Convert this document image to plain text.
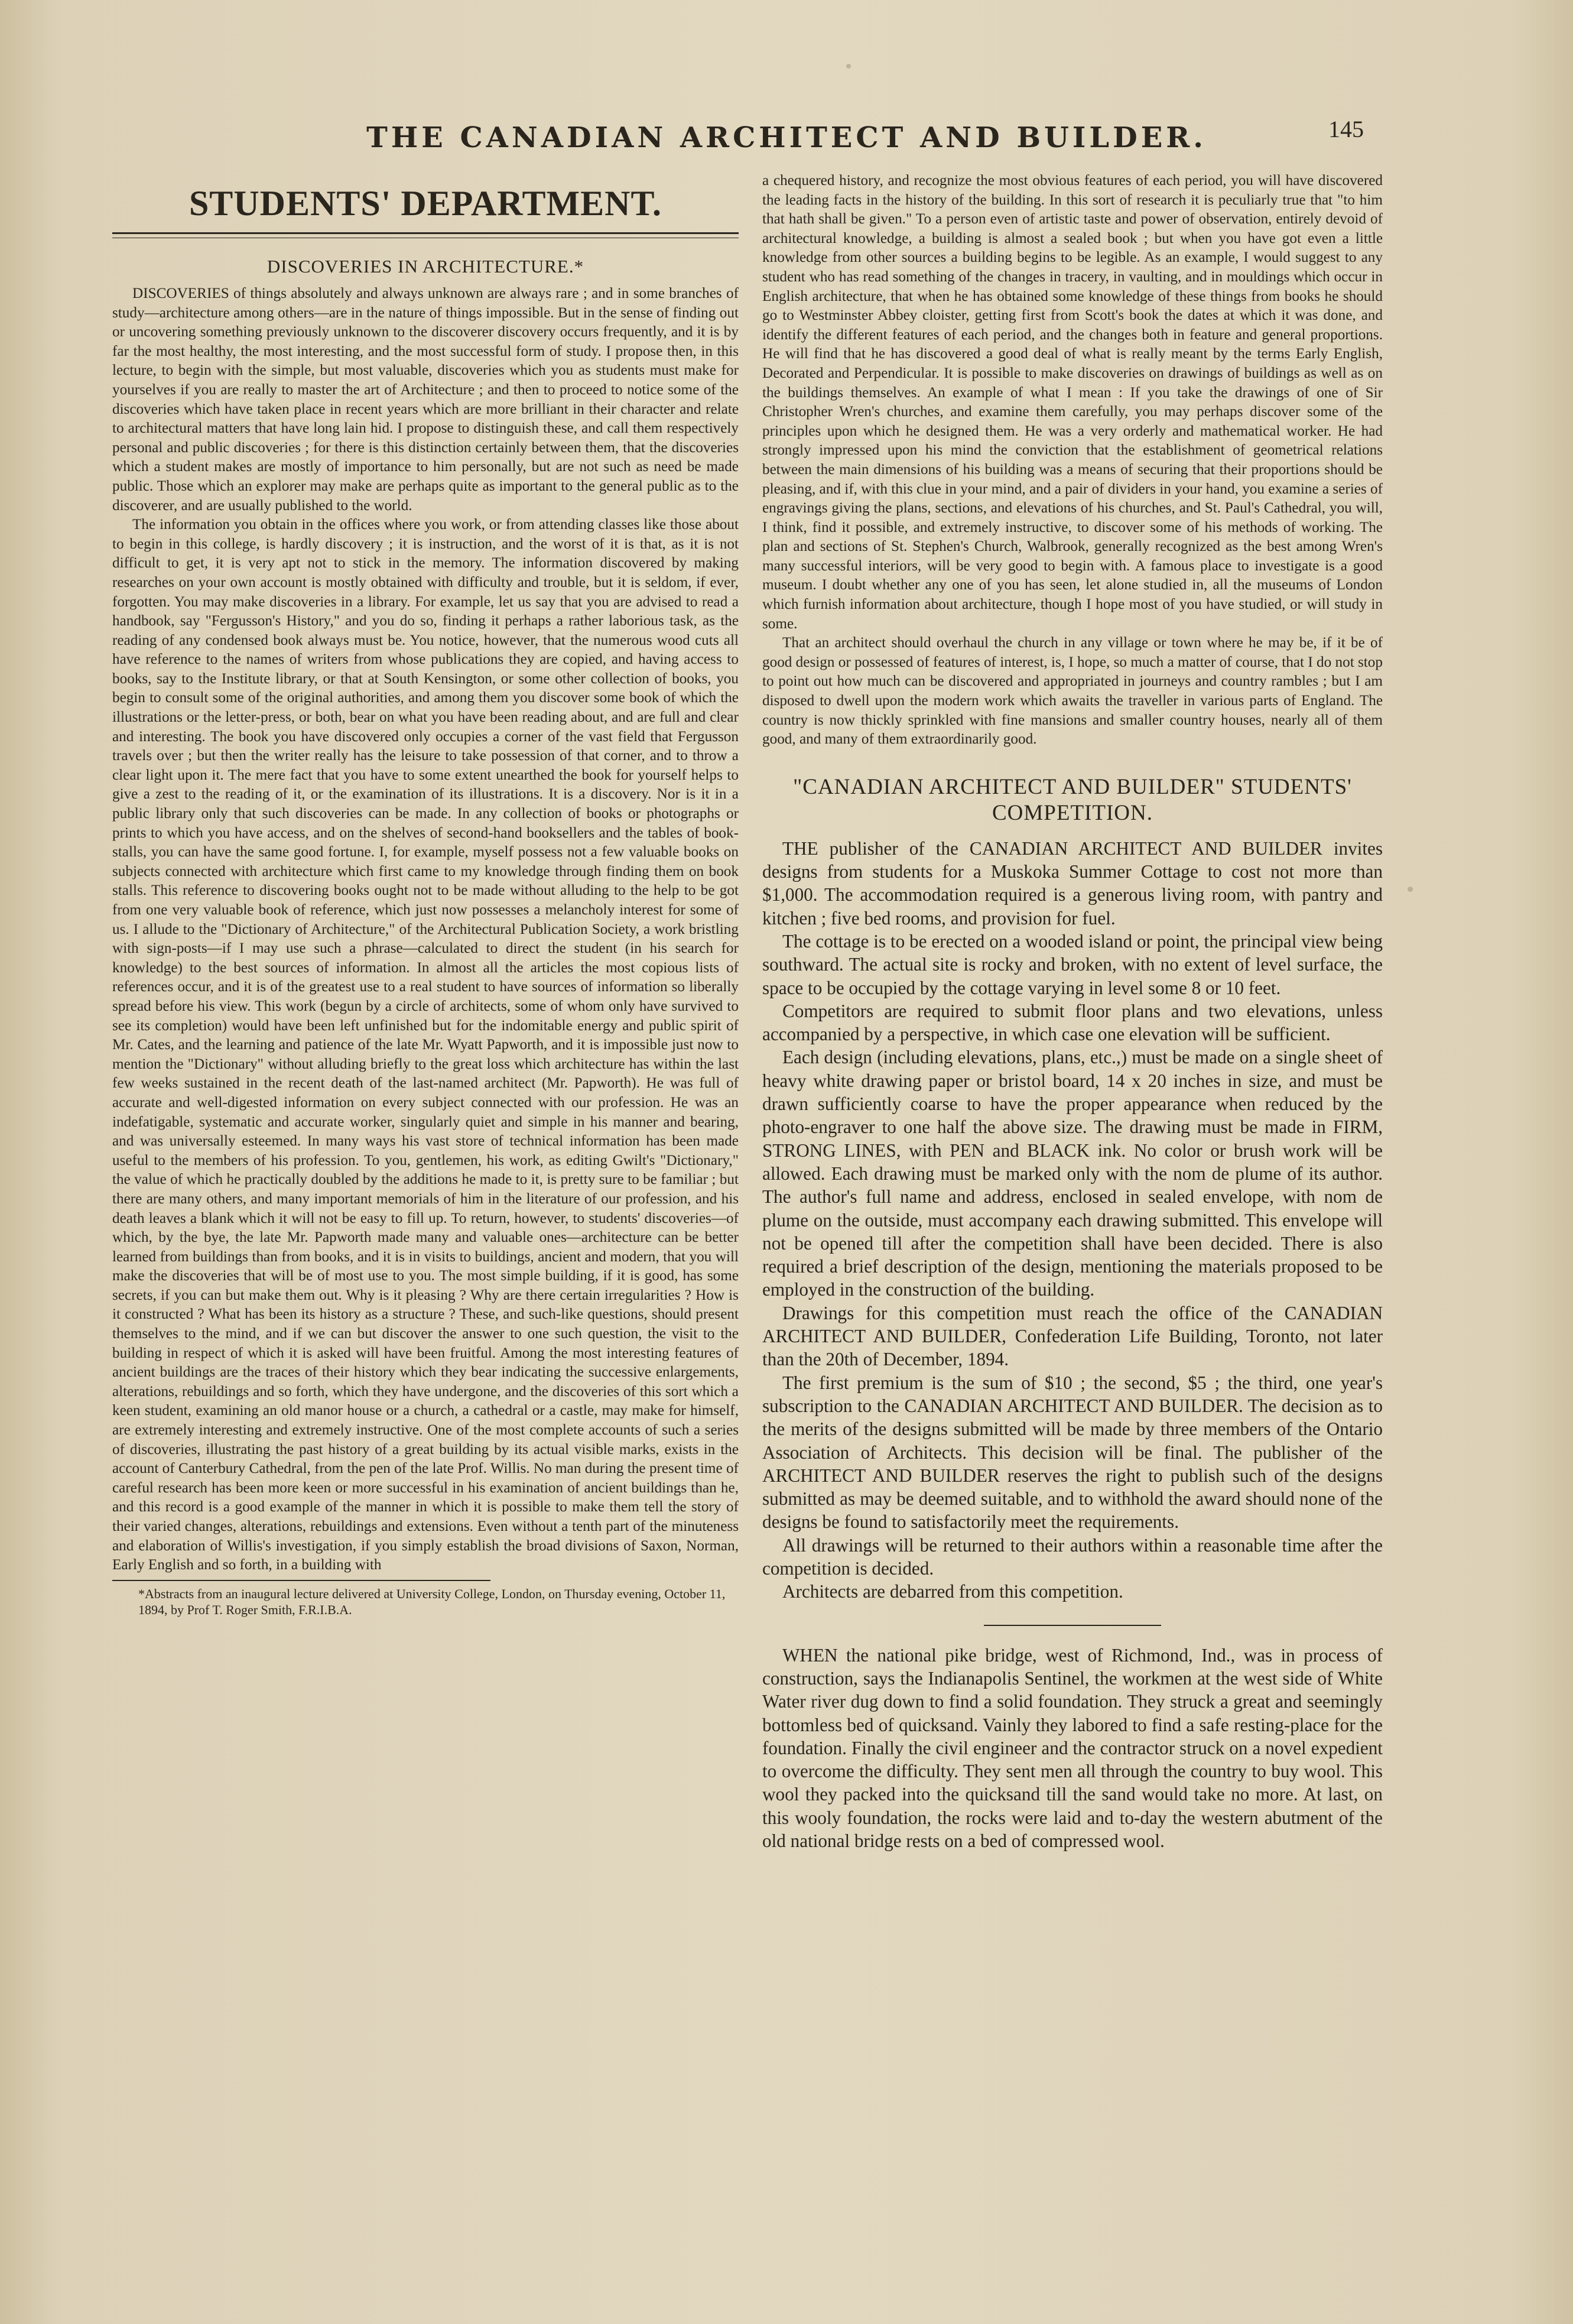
THE CANADIAN ARCHITECT AND BUILDER.	145
STUDENTS' DEPARTMENT.
DISCOVERIES IN ARCHITECTURE.*

DISCOVERIES of things absolutely and always unknown are always rare ; and in some branches of study—architecture among others—are in the nature of things impossible. But in the sense of finding out or uncovering something previously unknown to the discoverer discovery occurs frequently, and it is by far the most healthy, the most interesting, and the most successful form of study. I propose then, in this lecture, to begin with the simple, but most valuable, discoveries which you as students must make for yourselves if you are really to master the art of Architecture ; and then to proceed to notice some of the discoveries which have taken place in recent years which are more brilliant in their character and relate to architectural matters that have long lain hid. I propose to distinguish these, and call them respectively personal and public discoveries ; for there is this distinction certainly between them, that the discoveries which a student makes are mostly of importance to him personally, but are not such as need be made public. Those which an explorer may make are perhaps quite as important to the general public as to the discoverer, and are usually published to the world.

The information you obtain in the offices where you work, or from attending classes like those about to begin in this college, is hardly discovery ; it is instruction, and the worst of it is that, as it is not difficult to get, it is very apt not to stick in the memory. The information discovered by making researches on your own account is mostly obtained with difficulty and trouble, but it is seldom, if ever, forgotten. You may make discoveries in a library. For example, let us say that you are advised to read a handbook, say "Fergusson's History," and you do so, finding it perhaps a rather laborious task, as the reading of any condensed book always must be. You notice, however, that the numerous wood cuts all have reference to the names of writers from whose publications they are copied, and having access to books, say to the Institute library, or that at South Kensington, or some other collection of books, you begin to consult some of the original authorities, and among them you discover some book of which the illustrations or the letter-press, or both, bear on what you have been reading about, and are full and clear and interesting. The book you have discovered only occupies a corner of the vast field that Fergusson travels over ; but then the writer really has the leisure to take possession of that corner, and to throw a clear light upon it. The mere fact that you have to some extent unearthed the book for yourself helps to give a zest to the reading of it, or the examination of its illustrations. It is a discovery. Nor is it in a public library only that such discoveries can be made. In any collection of books or photographs or prints to which you have access, and on the shelves of second-hand booksellers and the tables of book-stalls, you can have the same good fortune. I, for example, myself possess not a few valuable books on subjects connected with architecture which first came to my knowledge through finding them on book stalls. This reference to discovering books ought not to be made without alluding to the help to be got from one very valuable book of reference, which just now possesses a melancholy interest for some of us. I allude to the "Dictionary of Architecture," of the Architectural Publication Society, a work bristling with sign-posts—if I may use such a phrase—calculated to direct the student (in his search for knowledge) to the best sources of information. In almost all the articles the most copious lists of references occur, and it is of the greatest use to a real student to have sources of information so liberally spread before his view. This work (begun by a circle of architects, some of whom only have survived to see its completion) would have been left unfinished but for the indomitable energy and public spirit of Mr. Cates, and the learning and patience of the late Mr. Wyatt Papworth, and it is impossible just now to mention the "Dictionary" without alluding briefly to the great loss which architecture has within the last few weeks sustained in the recent death of the last-named architect (Mr. Papworth). He was full of accurate and well-digested information on every subject connected with our profession. He was an indefatigable, systematic and accurate worker, singularly quiet and simple in his manner and bearing, and was universally esteemed. In many ways his vast store of technical information has been made useful to the members of his profession. To you, gentlemen, his work, as editing Gwilt's "Dictionary," the value of which he practically doubled by the additions he made to it, is pretty sure to be familiar ; but there are many others, and many important memorials of him in the literature of our profession, and his death leaves a blank which it will not be easy to fill up. To return, however, to students' discoveries—of which, by the bye, the late Mr. Papworth made many and valuable ones—architecture can be better learned from buildings than from books, and it is in visits to buildings, ancient and modern, that you will make the discoveries that will be of most use to you. The most simple building, if it is good, has some secrets, if you can but make them out. Why is it pleasing ? Why are there certain irregularities ? How is it constructed ? What has been its history as a structure ? These, and such-like questions, should present themselves to the mind, and if we can but discover the answer to one such question, the visit to the building in respect of which it is asked will have been fruitful. Among the most interesting features of ancient buildings are the traces of their history which they bear indicating the successive enlargements, alterations, rebuildings and so forth, which they have undergone, and the discoveries of this sort which a keen student, examining an old manor house or a church, a cathedral or a castle, may make for himself, are extremely interesting and extremely instructive. One of the most complete accounts of such a series of discoveries, illustrating the past history of a great building by its actual visible marks, exists in the account of Canterbury Cathedral, from the pen of the late Prof. Willis. No man during the present time of careful research has been more keen or more successful in his examination of ancient buildings than he, and this record is a good example of the manner in which it is possible to make them tell the story of their varied changes, alterations, rebuildings and extensions. Even without a tenth part of the minuteness and elaboration of Willis's investigation, if you simply establish the broad divisions of Saxon, Norman, Early English and so forth, in a building with

*Abstracts from an inaugural lecture delivered at University College, London, on Thursday evening, October 11, 1894, by Prof T. Roger Smith, F.R.I.B.A.

a chequered history, and recognize the most obvious features of each period, you will have discovered the leading facts in the history of the building. In this sort of research it is peculiarly true that "to him that hath shall be given." To a person even of artistic taste and power of observation, entirely devoid of architectural knowledge, a building is almost a sealed book ; but when you have got even a little knowledge from other sources a building begins to be legible. As an example, I would suggest to any student who has read something of the changes in tracery, in vaulting, and in mouldings which occur in English architecture, that when he has obtained some knowledge of these things from books he should go to Westminster Abbey cloister, getting first from Scott's book the dates at which it was done, and identify the different features of each period, and the changes both in feature and general proportions. He will find that he has discovered a good deal of what is really meant by the terms Early English, Decorated and Perpendicular. It is possible to make discoveries on drawings of buildings as well as on the buildings themselves. An example of what I mean : If you take the drawings of one of Sir Christopher Wren's churches, and examine them carefully, you may perhaps discover some of the principles upon which he designed them. He was a very orderly and mathematical worker. He had strongly impressed upon his mind the conviction that the establishment of geometrical relations between the main dimensions of his building was a means of securing that their proportions should be pleasing, and if, with this clue in your mind, and a pair of dividers in your hand, you examine a series of engravings giving the plans, sections, and elevations of his churches, and St. Paul's Cathedral, you will, I think, find it possible, and extremely instructive, to discover some of his methods of working. The plan and sections of St. Stephen's Church, Walbrook, generally recognized as the best among Wren's many successful interiors, will be very good to begin with. A famous place to investigate is a good museum. I doubt whether any one of you has seen, let alone studied in, all the museums of London which furnish information about architecture, though I hope most of you have studied, or will study in some.

That an architect should overhaul the church in any village or town where he may be, if it be of good design or possessed of features of interest, is, I hope, so much a matter of course, that I do not stop to point out how much can be discovered and appropriated in journeys and country rambles ; but I am disposed to dwell upon the modern work which awaits the traveller in various parts of England. The country is now thickly sprinkled with fine mansions and smaller country houses, nearly all of them good, and many of them extraordinarily good.

"CANADIAN ARCHITECT AND BUILDER" STUDENTS' COMPETITION.

THE publisher of the CANADIAN ARCHITECT AND BUILDER invites designs from students for a Muskoka Summer Cottage to cost not more than $1,000. The accommodation required is a generous living room, with pantry and kitchen ; five bed rooms, and provision for fuel.

The cottage is to be erected on a wooded island or point, the principal view being southward. The actual site is rocky and broken, with no extent of level surface, the space to be occupied by the cottage varying in level some 8 or 10 feet.

Competitors are required to submit floor plans and two elevations, unless accompanied by a perspective, in which case one elevation will be sufficient.

Each design (including elevations, plans, etc.,) must be made on a single sheet of heavy white drawing paper or bristol board, 14 x 20 inches in size, and must be drawn sufficiently coarse to have the proper appearance when reduced by the photo-engraver to one half the above size. The drawing must be made in FIRM, STRONG LINES, with PEN and BLACK ink. No color or brush work will be allowed. Each drawing must be marked only with the nom de plume of its author. The author's full name and address, enclosed in sealed envelope, with nom de plume on the outside, must accompany each drawing submitted. This envelope will not be opened till after the competition shall have been decided. There is also required a brief description of the design, mentioning the materials proposed to be employed in the construction of the building.

Drawings for this competition must reach the office of the CANADIAN ARCHITECT AND BUILDER, Confederation Life Building, Toronto, not later than the 20th of December, 1894.

The first premium is the sum of $10 ; the second, $5 ; the third, one year's subscription to the CANADIAN ARCHITECT AND BUILDER. The decision as to the merits of the designs submitted will be made by three members of the Ontario Association of Architects. This decision will be final. The publisher of the ARCHITECT AND BUILDER reserves the right to publish such of the designs submitted as may be deemed suitable, and to withhold the award should none of the designs be found to satisfactorily meet the requirements.

All drawings will be returned to their authors within a reasonable time after the competition is decided.

Architects are debarred from this competition.

WHEN the national pike bridge, west of Richmond, Ind., was in process of construction, says the Indianapolis Sentinel, the workmen at the west side of White Water river dug down to find a solid foundation. They struck a great and seemingly bottomless bed of quicksand. Vainly they labored to find a safe resting-place for the foundation. Finally the civil engineer and the contractor struck on a novel expedient to overcome the difficulty. They sent men all through the country to buy wool. This wool they packed into the quicksand till the sand would take no more. At last, on this wooly foundation, the rocks were laid and to-day the western abutment of the old national bridge rests on a bed of compressed wool.
